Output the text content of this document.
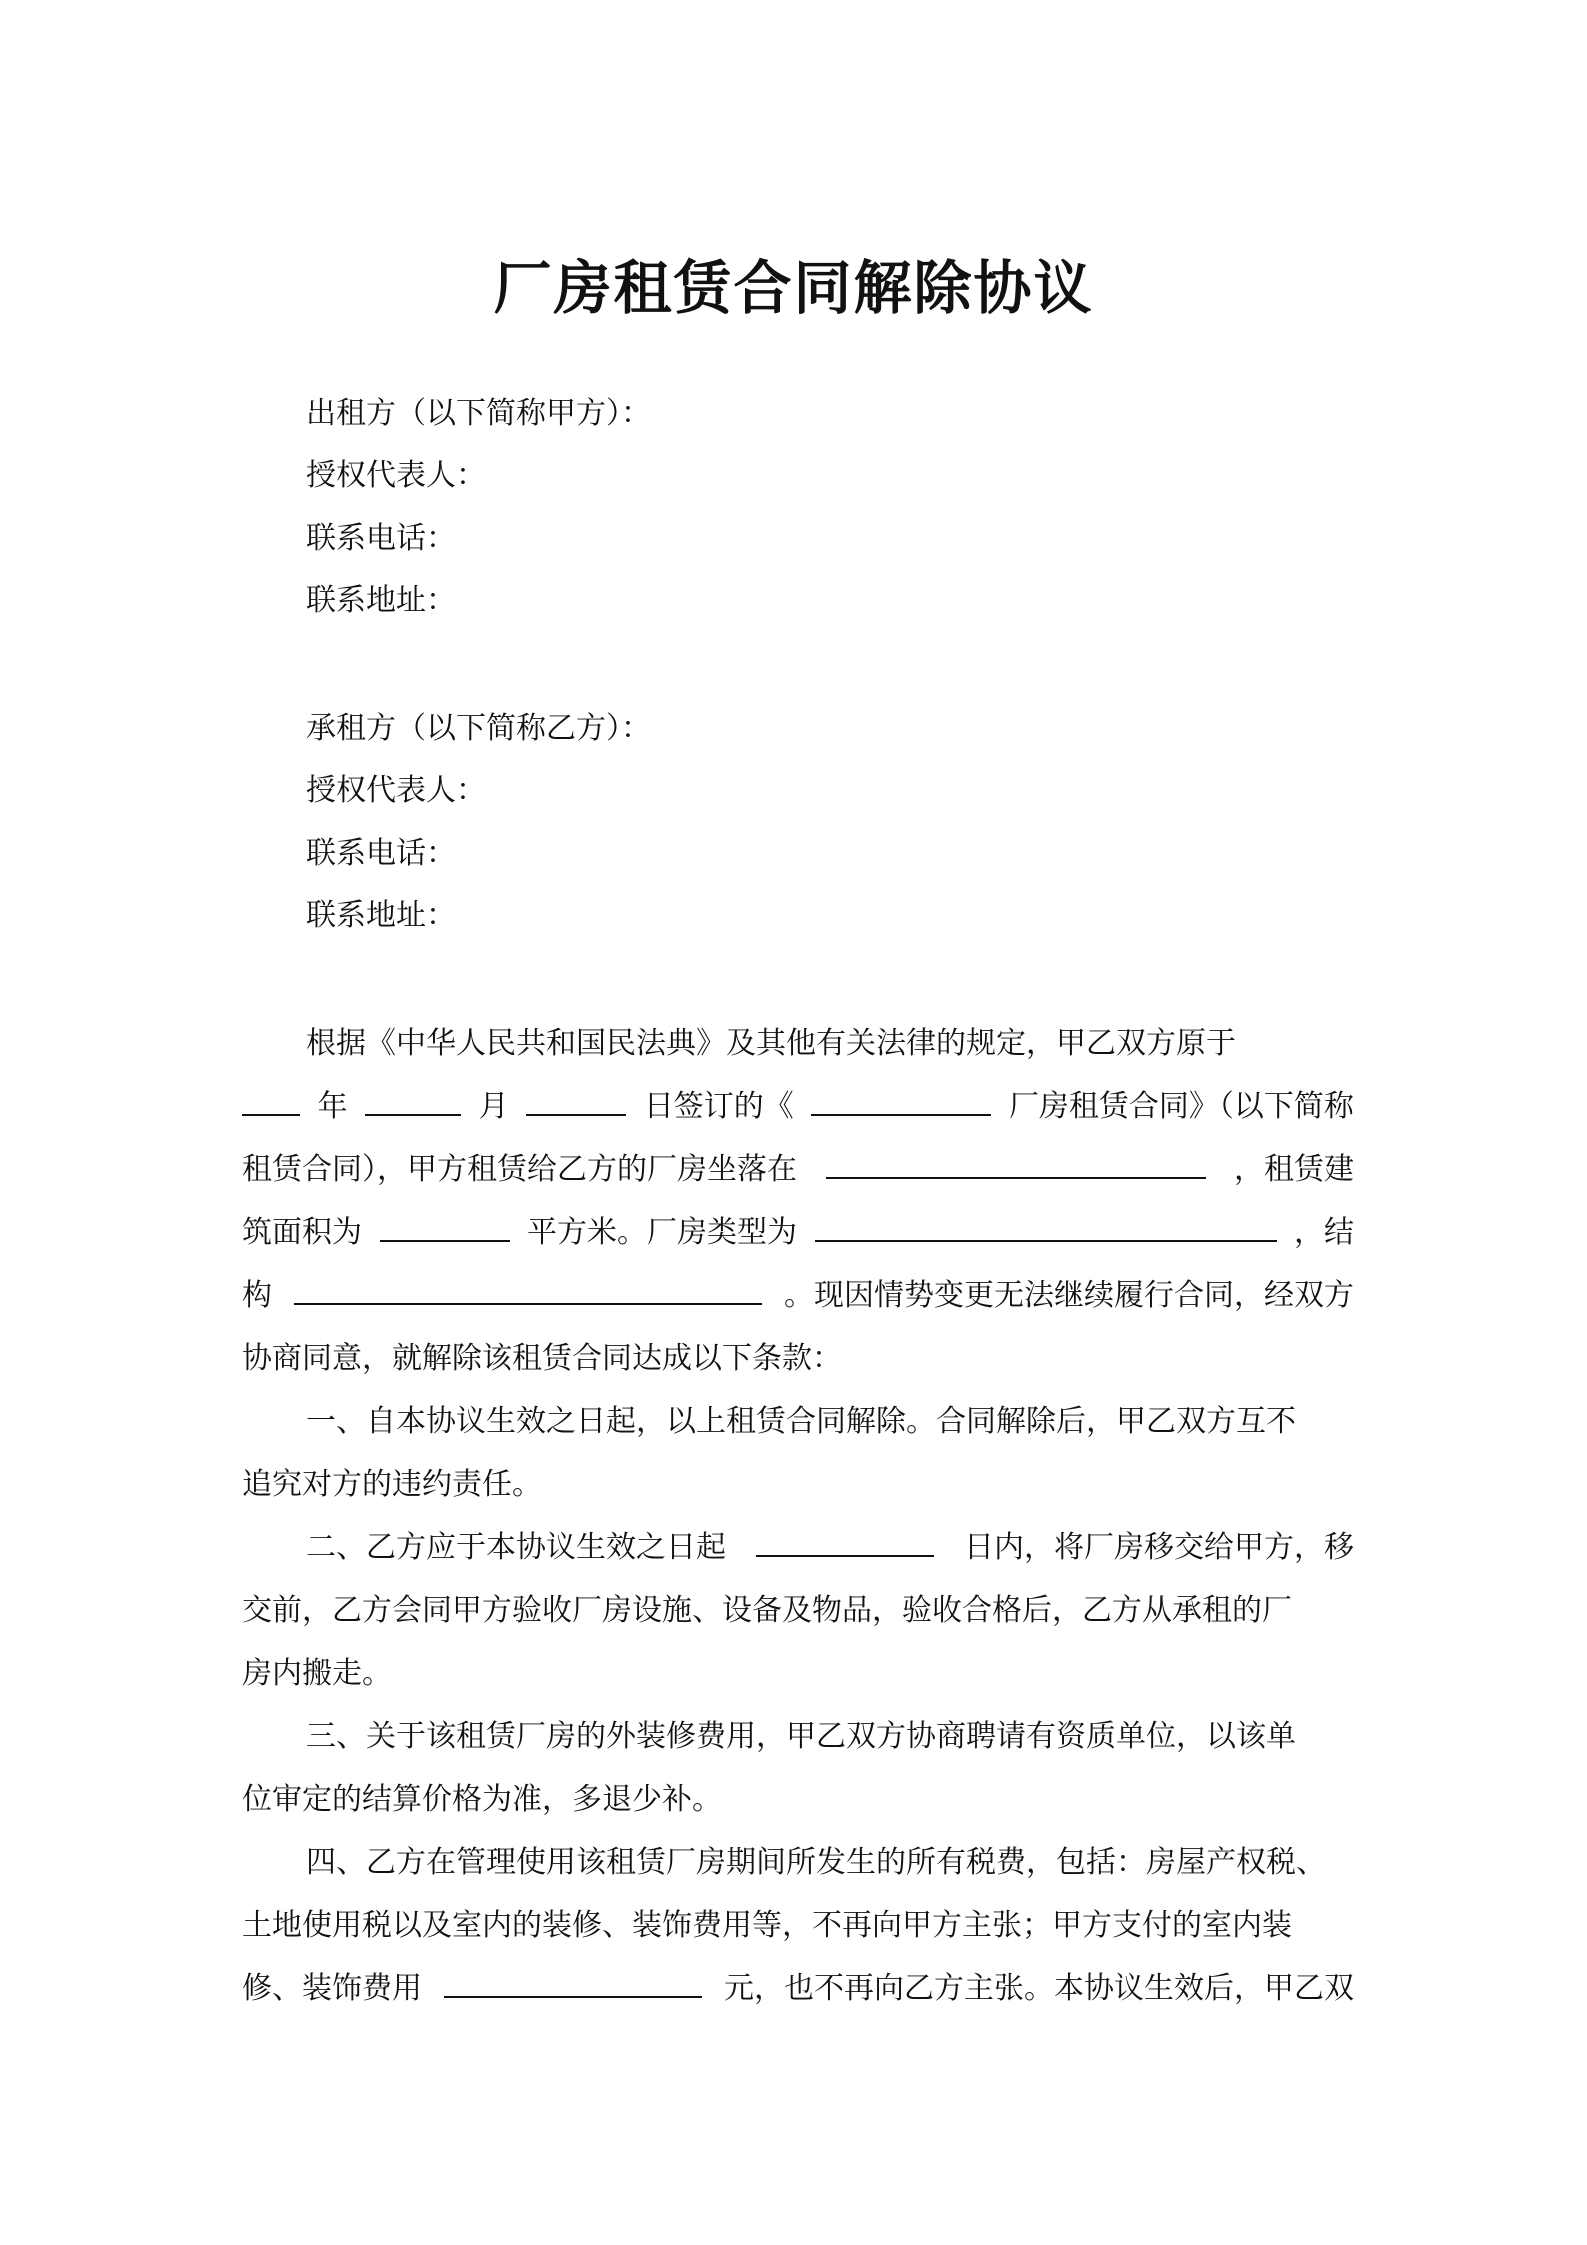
厂房租赁合同解除协议
出租方（以下简称甲方）：
授权代表人：
联系电话：
联系地址：
承租方（以下简称乙方）：
授权代表人：
联系电话：
联系地址：
根据《中华人民共和国民法典》及其他有关法律的规定，甲乙双方原于
年	月	日签订的《	厂房租赁合同》（以下简称
租赁合同），甲方租赁给乙方的厂房坐落在	，租赁建
筑面积为	平方米。厂房类型为	，结
构	。现因情势变更无法继续履行合同，经双方
协商同意，就解除该租赁合同达成以下条款：
一、自本协议生效之日起，以上租赁合同解除。合同解除后，甲乙双方互不
追究对方的违约责任。
二、乙方应于本协议生效之日起	日内，将厂房移交给甲方，移
交前，乙方会同甲方验收厂房设施、设备及物品，验收合格后，乙方从承租的厂
房内搬走。
三、关于该租赁厂房的外装修费用，甲乙双方协商聘请有资质单位，以该单
位审定的结算价格为准，多退少补。
四、乙方在管理使用该租赁厂房期间所发生的所有税费，包括：房屋产权税、
土地使用税以及室内的装修、装饰费用等，不再向甲方主张；甲方支付的室内装
修、装饰费用	元，也不再向乙方主张。本协议生效后，甲乙双
